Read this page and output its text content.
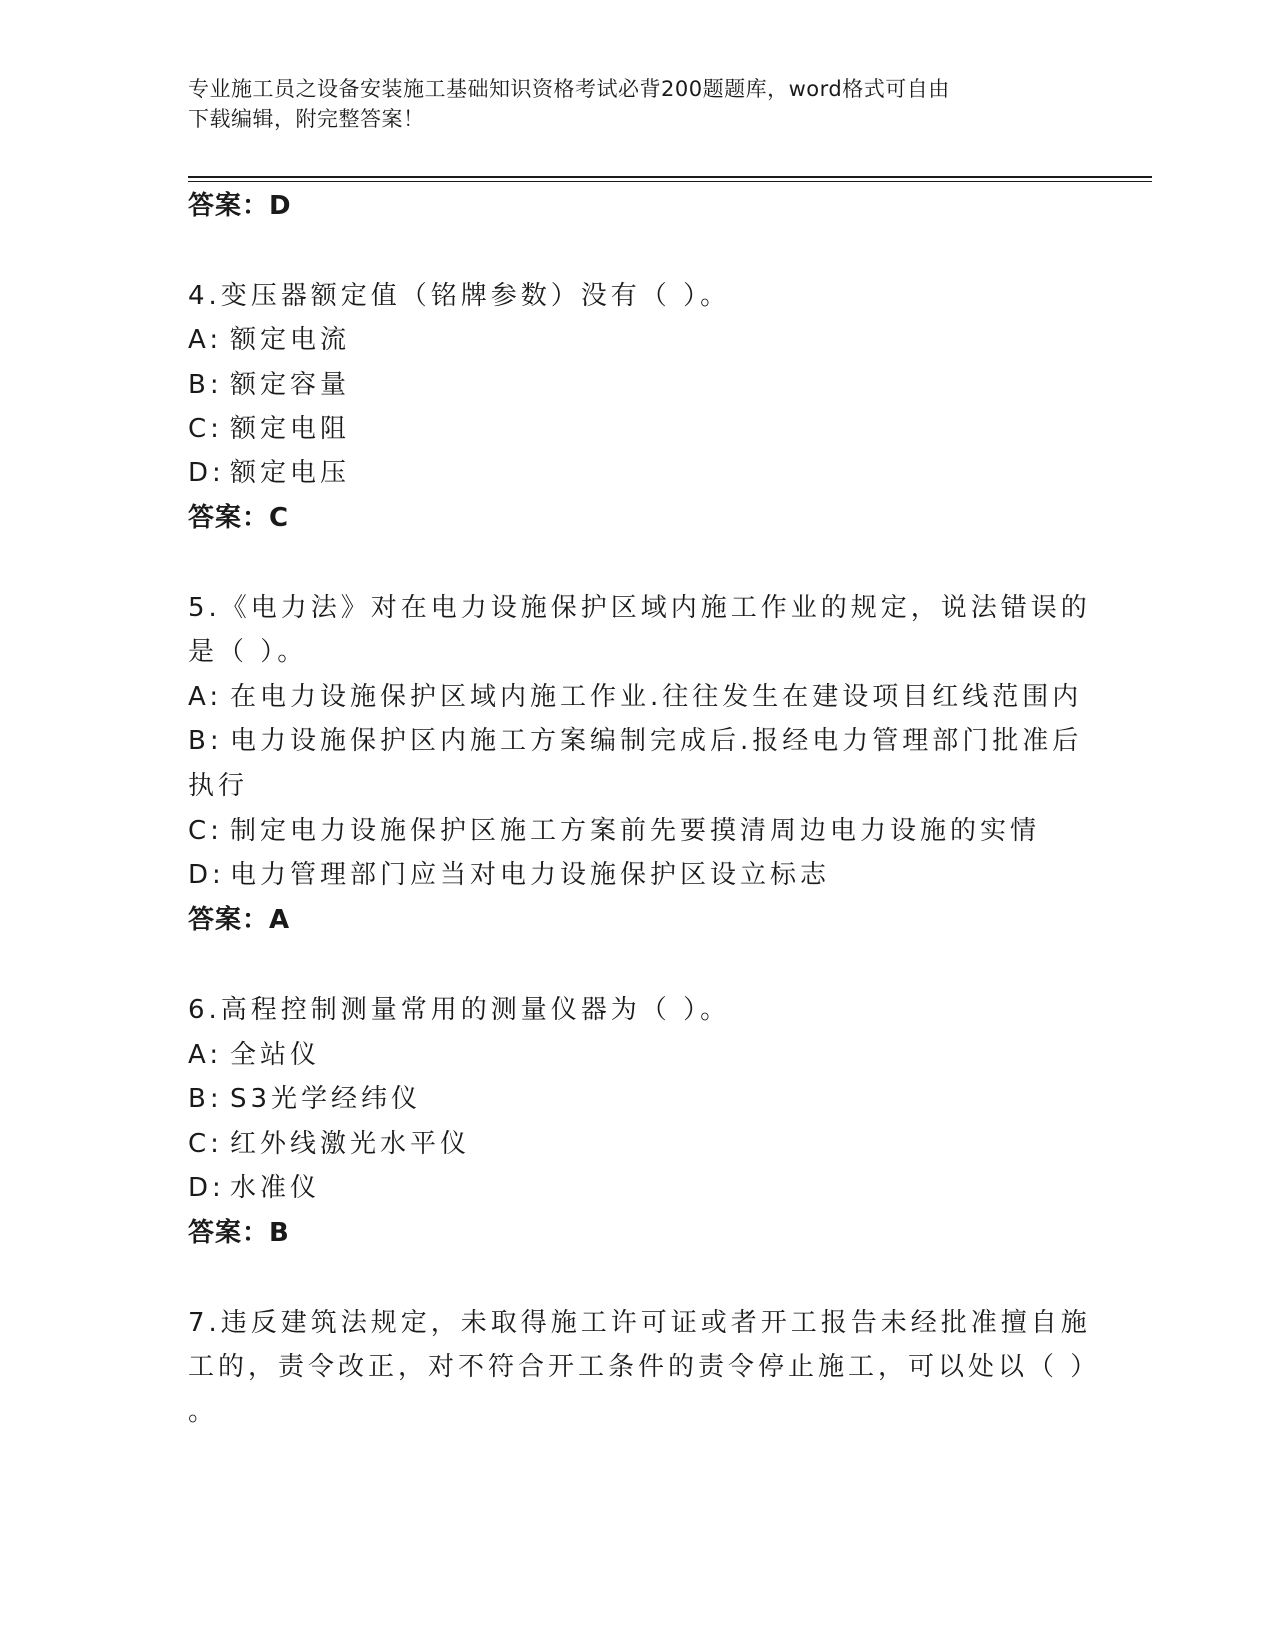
专业施工员之设备安装施工基础知识资格考试必背200题题库，word格式可自由
下载编辑，附完整答案！
答案：D
4.变压器额定值（铭牌参数）没有（ ）。
A: 额定电流
B: 额定容量
C: 额定电阻
D: 额定电压
答案：C
5.《电力法》对在电力设施保护区域内施工作业的规定，说法错误的
是（ ）。
A: 在电力设施保护区域内施工作业.往往发生在建设项目红线范围内
B: 电力设施保护区内施工方案编制完成后.报经电力管理部门批准后
执行
C: 制定电力设施保护区施工方案前先要摸清周边电力设施的实情
D: 电力管理部门应当对电力设施保护区设立标志
答案：A
6.高程控制测量常用的测量仪器为（ ）。
A: 全站仪
B: S3光学经纬仪
C: 红外线激光水平仪
D: 水准仪
答案：B
7.违反建筑法规定，未取得施工许可证或者开工报告未经批准擅自施
工的，责令改正，对不符合开工条件的责令停止施工，可以处以（ ）
。
